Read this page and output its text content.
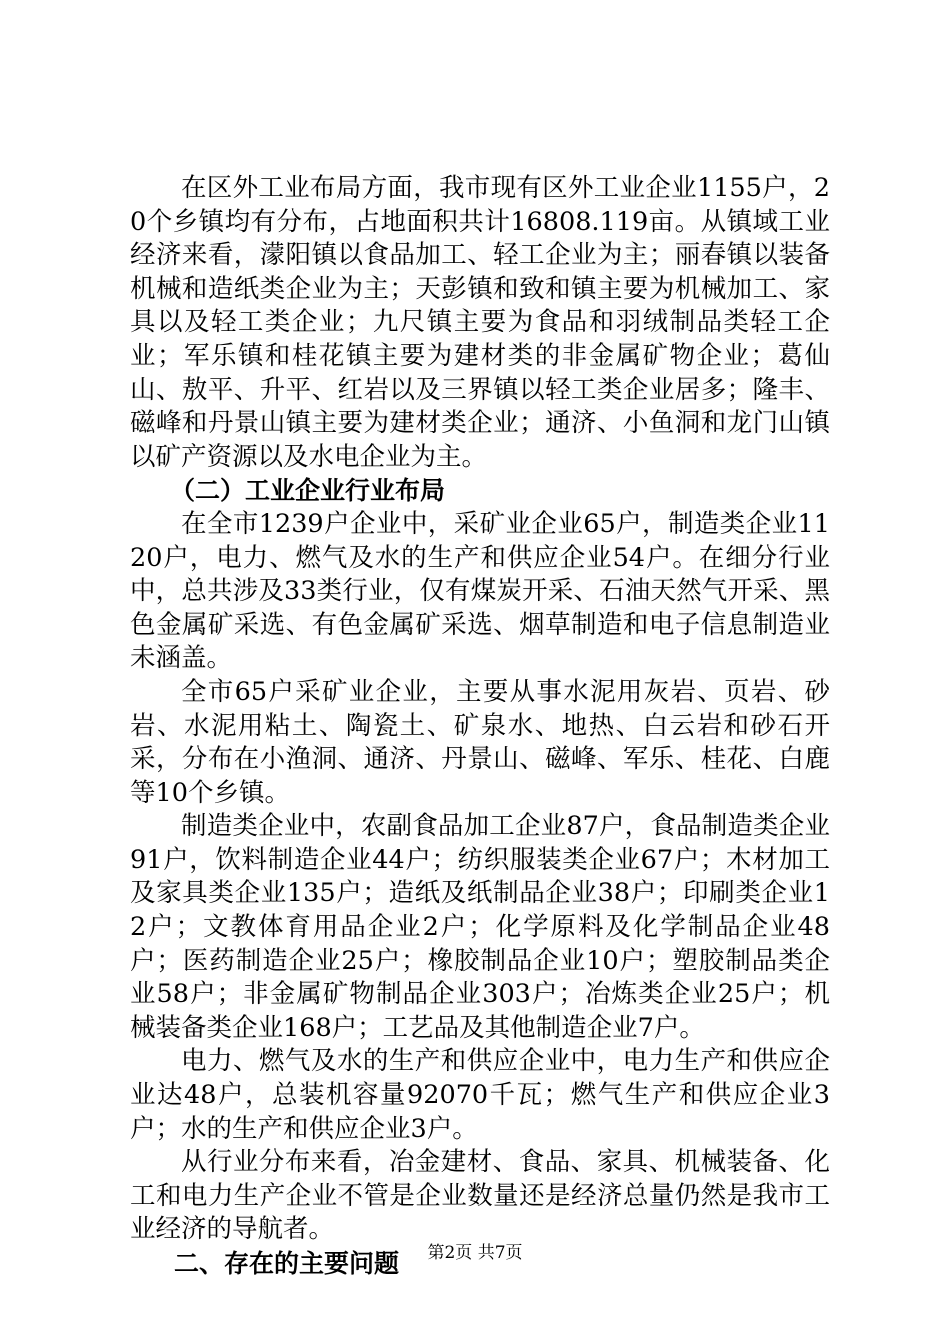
在区外工业布局方面，我市现有区外工业企业1155户，20个乡镇均有分布，占地面积共计16808.119亩。从镇域工业经济来看，濛阳镇以食品加工、轻工企业为主；丽春镇以装备机械和造纸类企业为主；天彭镇和致和镇主要为机械加工、家具以及轻工类企业；九尺镇主要为食品和羽绒制品类轻工企业；军乐镇和桂花镇主要为建材类的非金属矿物企业；葛仙山、敖平、升平、红岩以及三界镇以轻工类企业居多；隆丰、磁峰和丹景山镇主要为建材类企业；通济、小鱼洞和龙门山镇以矿产资源以及水电企业为主。

（二）工业企业行业布局

在全市1239户企业中，采矿业企业65户，制造类企业1120户，电力、燃气及水的生产和供应企业54户。在细分行业中，总共涉及33类行业，仅有煤炭开采、石油天然气开采、黑色金属矿采选、有色金属矿采选、烟草制造和电子信息制造业未涵盖。

全市65户采矿业企业，主要从事水泥用灰岩、页岩、砂岩、水泥用粘土、陶瓷土、矿泉水、地热、白云岩和砂石开采，分布在小渔洞、通济、丹景山、磁峰、军乐、桂花、白鹿等10个乡镇。

制造类企业中，农副食品加工企业87户，食品制造类企业91户，饮料制造企业44户；纺织服装类企业67户；木材加工及家具类企业135户；造纸及纸制品企业38户；印刷类企业12户；文教体育用品企业2户；化学原料及化学制品企业48户；医药制造企业25户；橡胶制品企业10户；塑胶制品类企业58户；非金属矿物制品企业303户；冶炼类企业25户；机械装备类企业168户；工艺品及其他制造企业7户。

电力、燃气及水的生产和供应企业中，电力生产和供应企业达48户，总装机容量92070千瓦；燃气生产和供应企业3户；水的生产和供应企业3户。

从行业分布来看，冶金建材、食品、家具、机械装备、化工和电力生产企业不管是企业数量还是经济总量仍然是我市工业经济的导航者。

二、存在的主要问题	第2页 共7页
